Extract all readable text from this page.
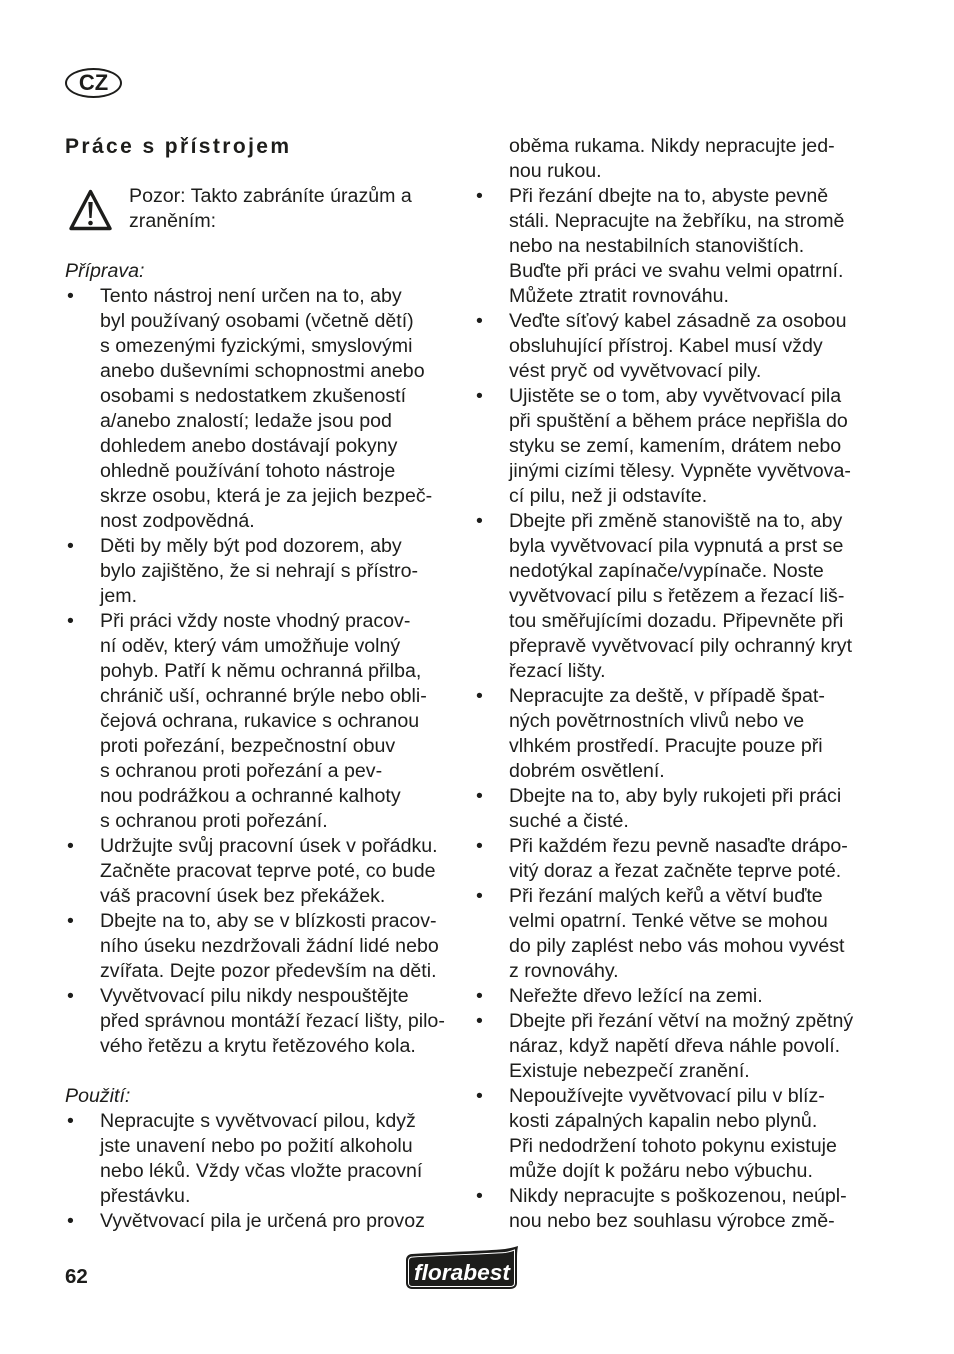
CZ
Práce s přístrojem
Pozor: Takto zabráníte úrazům a
zraněním:
Příprava:
• Tento nástroj není určen na to, aby
byl používaný osobami (včetně dětí)
s omezenými fyzickými, smyslovými
anebo duševními schopnostmi anebo
osobami s nedostatkem zkušeností
a/anebo znalostí; ledaže jsou pod
dohledem anebo dostávají pokyny
ohledně používání tohoto nástroje
skrze osobu, která je za jejich bezpeč-
nost zodpovědná.
• Děti by měly být pod dozorem, aby
bylo zajištěno, že si nehrají s přístro-
jem.
• Při práci vždy noste vhodný pracov-
ní oděv, který vám umožňuje volný
pohyb. Patří k němu ochranná přilba,
chránič uší, ochranné brýle nebo obli-
čejová ochrana, rukavice s ochranou
proti pořezání, bezpečnostní obuv
s ochranou proti pořezání a pev-
nou podrážkou a ochranné kalhoty
s ochranou proti pořezání.
• Udržujte svůj pracovní úsek v pořádku.
Začněte pracovat teprve poté, co bude
váš pracovní úsek bez překážek.
• Dbejte na to, aby se v blízkosti pracov-
ního úseku nezdržovali žádní lidé nebo
zvířata. Dejte pozor především na děti.
• Vyvětvovací pilu nikdy nespouštějte
před správnou montáží řezací lišty, pilo-
vého řetězu a krytu řetězového kola.
Použití:
• Nepracujte s vyvětvovací pilou, když
jste unavení nebo po požití alkoholu
nebo léků. Vždy včas vložte pracovní
přestávku.
• Vyvětvovací pila je určená pro provoz
oběma rukama. Nikdy nepracujte jed-
nou rukou.
• Při řezání dbejte na to, abyste pevně
stáli. Nepracujte na žebříku, na stromě
nebo na nestabilních stanovištích.
Buďte při práci ve svahu velmi opatrní.
Můžete ztratit rovnováhu.
• Veďte síťový kabel zásadně za osobou
obsluhující přístroj. Kabel musí vždy
vést pryč od vyvětvovací pily.
• Ujistěte se o tom, aby vyvětvovací pila
při spuštění a během práce nepřišla do
styku se zemí, kamením, drátem nebo
jinými cizími tělesy. Vypněte vyvětvova-
cí pilu, než ji odstavíte.
• Dbejte při změně stanoviště na to, aby
byla vyvětvovací pila vypnutá a prst se
nedotýkal zapínače/vypínače. Noste
vyvětvovací pilu s řetězem a řezací liš-
tou směřujícími dozadu. Připevněte při
přepravě vyvětvovací pily ochranný kryt
řezací lišty.
• Nepracujte za deště, v případě špat-
ných povětrnostních vlivů nebo ve
vlhkém prostředí. Pracujte pouze při
dobrém osvětlení.
• Dbejte na to, aby byly rukojeti při práci
suché a čisté.
• Při každém řezu pevně nasaďte drápo-
vitý doraz a řezat začněte teprve poté.
• Při řezání malých keřů a větví buďte
velmi opatrní. Tenké větve se mohou
do pily zaplést nebo vás mohou vyvést
z rovnováhy.
• Neřežte dřevo ležící na zemi.
• Dbejte při řezání větví na možný zpětný
náraz, když napětí dřeva náhle povolí.
Existuje nebezpečí zranění.
• Nepoužívejte vyvětvovací pilu v blíz-
kosti zápalných kapalin nebo plynů.
Při nedodržení tohoto pokynu existuje
může dojít k požáru nebo výbuchu.
• Nikdy nepracujte s poškozenou, neúpl-
nou nebo bez souhlasu výrobce změ-
62	florabest
